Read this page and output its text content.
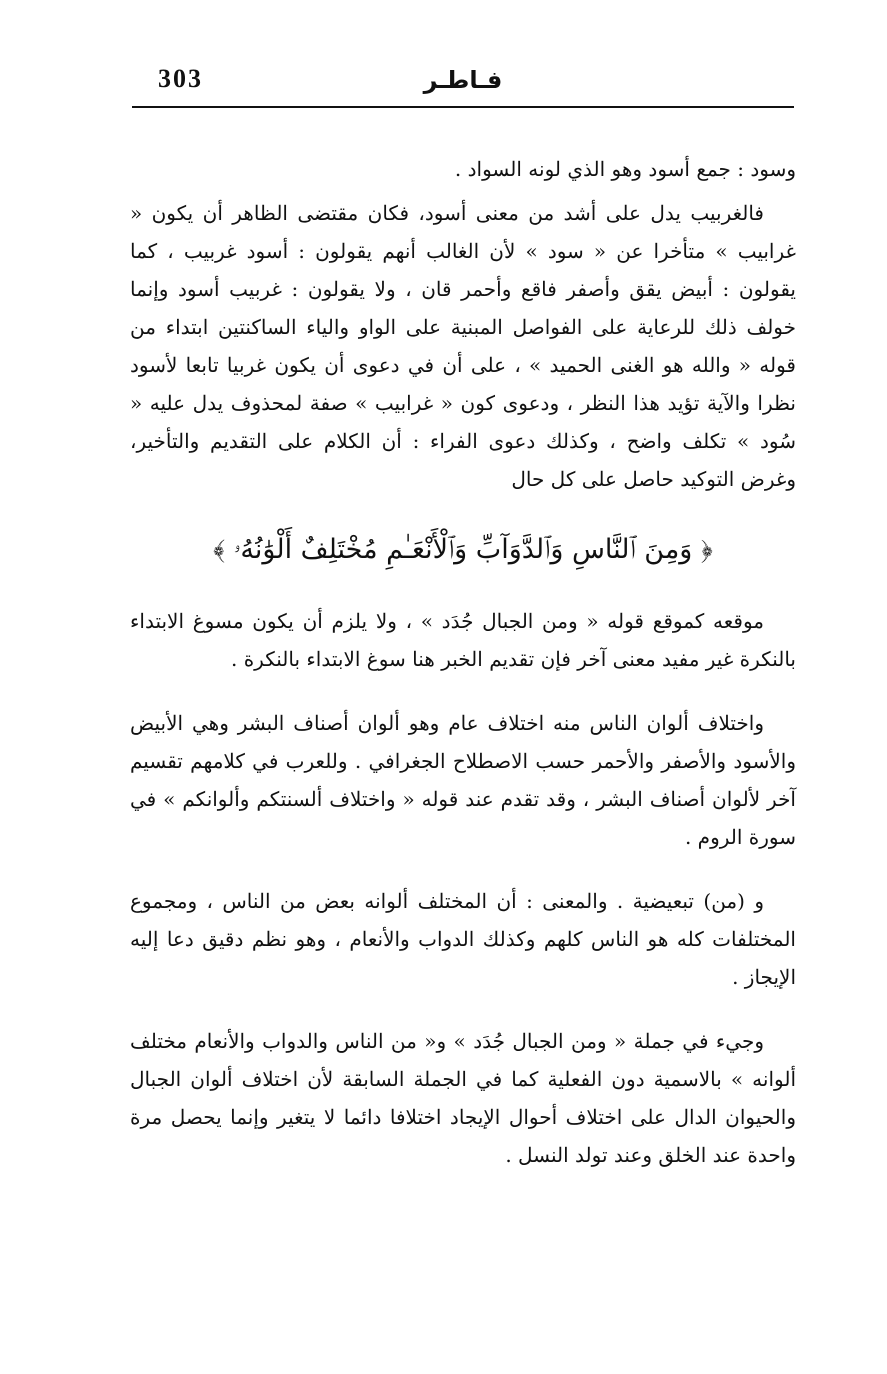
303	فـاطـر

وسود : جمع أسود وهو الذي لونه السواد .

فالغربيب يدل على أشد من معنى أسود، فكان مقتضى الظاهر أن يكون « غرابيب » متأخرا عن « سود » لأن الغالب أنهم يقولون : أسود غربيب ، كما يقولون : أبيض يقق وأصفر فاقع وأحمر قان ، ولا يقولون : غربيب أسود وإنما خولف ذلك للرعاية على الفواصل المبنية على الواو والياء الساكنتين ابتداء من قوله « والله هو الغنى الحميد » ، على أن في دعوى أن يكون غربيا تابعا لأسود نظرا والآية تؤيد هذا النظر ، ودعوى كون « غرابيب » صفة لمحذوف يدل عليه « سُود » تكلف واضح ، وكذلك دعوى الفراء : أن الكلام على التقديم والتأخير، وغرض التوكيد حاصل على كل حال

﴿ وَمِنَ ٱلنَّاسِ وَٱلدَّوَآبِّ وَٱلْأَنْعَـٰمِ مُخْتَلِفٌ أَلْوَٰنُهُۥ ﴾

موقعه كموقع قوله « ومن الجبال جُدَد » ، ولا يلزم أن يكون مسوغ الابتداء بالنكرة غير مفيد معنى آخر فإن تقديم الخبر هنا سوغ الابتداء بالنكرة .

واختلاف ألوان الناس منه اختلاف عام وهو ألوان أصناف البشر وهي الأبيض والأسود والأصفر والأحمر حسب الاصطلاح الجغرافي . وللعرب في كلامهم تقسيم آخر لألوان أصناف البشر ، وقد تقدم عند قوله « واختلاف ألسنتكم وألوانكم » في سورة الروم .

و (من) تبعيضية . والمعنى : أن المختلف ألوانه بعض من الناس ، ومجموع المختلفات كله هو الناس كلهم وكذلك الدواب والأنعام ، وهو نظم دقيق دعا إليه الإيجاز .

وجيء في جملة « ومن الجبال جُدَد » و« من الناس والدواب والأنعام مختلف ألوانه » بالاسمية دون الفعلية كما في الجملة السابقة لأن اختلاف ألوان الجبال والحيوان الدال على اختلاف أحوال الإيجاد اختلافا دائما لا يتغير وإنما يحصل مرة واحدة عند الخلق وعند تولد النسل .
